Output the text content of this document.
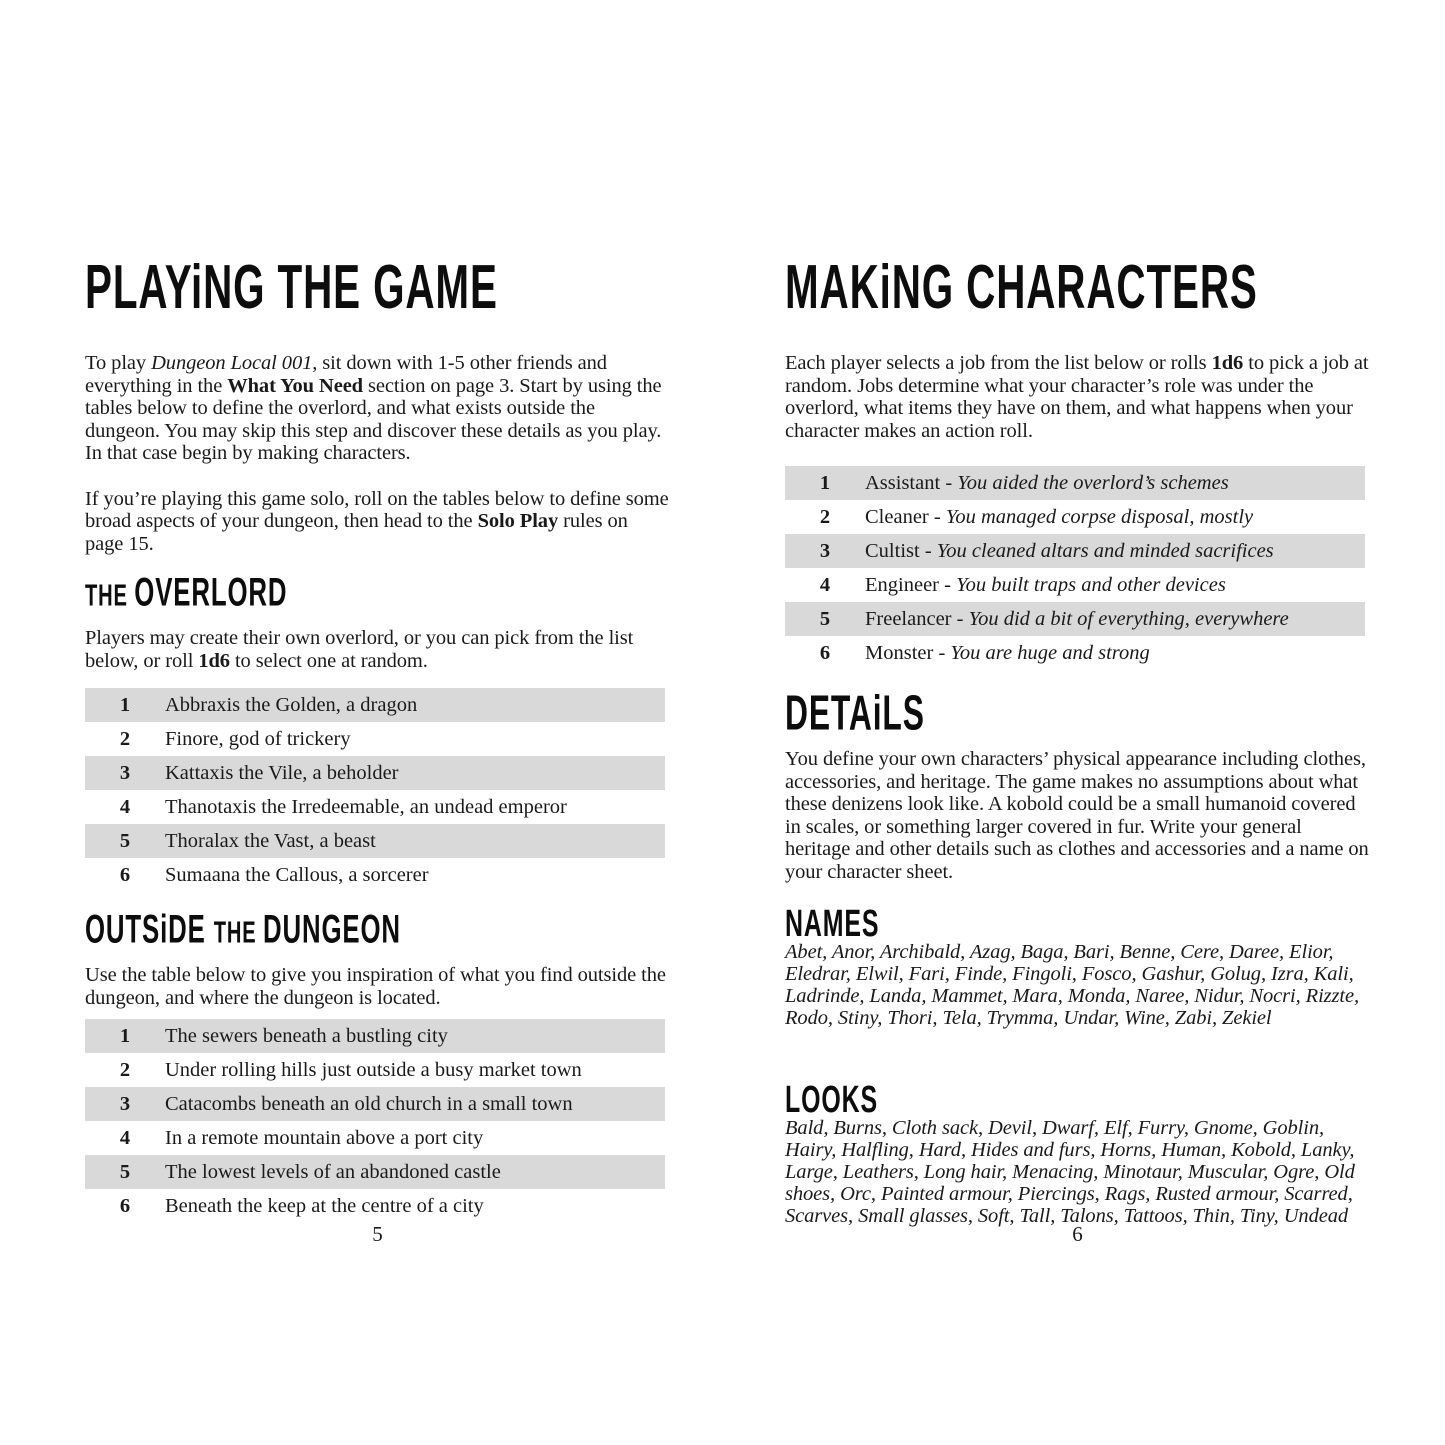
PLAYiNG THE GAME

To play Dungeon Local 001, sit down with 1-5 other friends and everything in the What You Need section on page 3. Start by using the tables below to define the overlord, and what exists outside the dungeon. You may skip this step and discover these details as you play. In that case begin by making characters.

If you’re playing this game solo, roll on the tables below to define some broad aspects of your dungeon, then head to the Solo Play rules on page 15.

THE OVERLORD

Players may create their own overlord, or you can pick from the list below, or roll 1d6 to select one at random.

1	Abbraxis the Golden, a dragon
2	Finore, god of trickery
3	Kattaxis the Vile, a beholder
4	Thanotaxis the Irredeemable, an undead emperor
5	Thoralax the Vast, a beast
6	Sumaana the Callous, a sorcerer
OUTSiDE THE DUNGEON

Use the table below to give you inspiration of what you find outside the dungeon, and where the dungeon is located.

1	The sewers beneath a bustling city
2	Under rolling hills just outside a busy market town
3	Catacombs beneath an old church in a small town
4	In a remote mountain above a port city
5	The lowest levels of an abandoned castle
6	Beneath the keep at the centre of a city
MAKiNG CHARACTERS

Each player selects a job from the list below or rolls 1d6 to pick a job at random. Jobs determine what your character’s role was under the overlord, what items they have on them, and what happens when your character makes an action roll.

1	Assistant - You aided the overlord’s schemes
2	Cleaner - You managed corpse disposal, mostly
3	Cultist - You cleaned altars and minded sacrifices
4	Engineer - You built traps and other devices
5	Freelancer - You did a bit of everything, everywhere
6	Monster - You are huge and strong
DETAiLS

You define your own characters’ physical appearance including clothes, accessories, and heritage. The game makes no assumptions about what these denizens look like. A kobold could be a small humanoid covered in scales, or something larger covered in fur. Write your general heritage and other details such as clothes and accessories and a name on your character sheet.

NAMES

Abet, Anor, Archibald, Azag, Baga, Bari, Benne, Cere, Daree, Elior, Eledrar, Elwil, Fari, Finde, Fingoli, Fosco, Gashur, Golug, Izra, Kali, Ladrinde, Landa, Mammet, Mara, Monda, Naree, Nidur, Nocri, Rizzte, Rodo, Stiny, Thori, Tela, Trymma, Undar, Wine, Zabi, Zekiel

LOOKS

Bald, Burns, Cloth sack, Devil, Dwarf, Elf, Furry, Gnome, Goblin, Hairy, Halfling, Hard, Hides and furs, Horns, Human, Kobold, Lanky, Large, Leathers, Long hair, Menacing, Minotaur, Muscular, Ogre, Old shoes, Orc, Painted armour, Piercings, Rags, Rusted armour, Scarred, Scarves, Small glasses, Soft, Tall, Talons, Tattoos, Thin, Tiny, Undead

5	6
